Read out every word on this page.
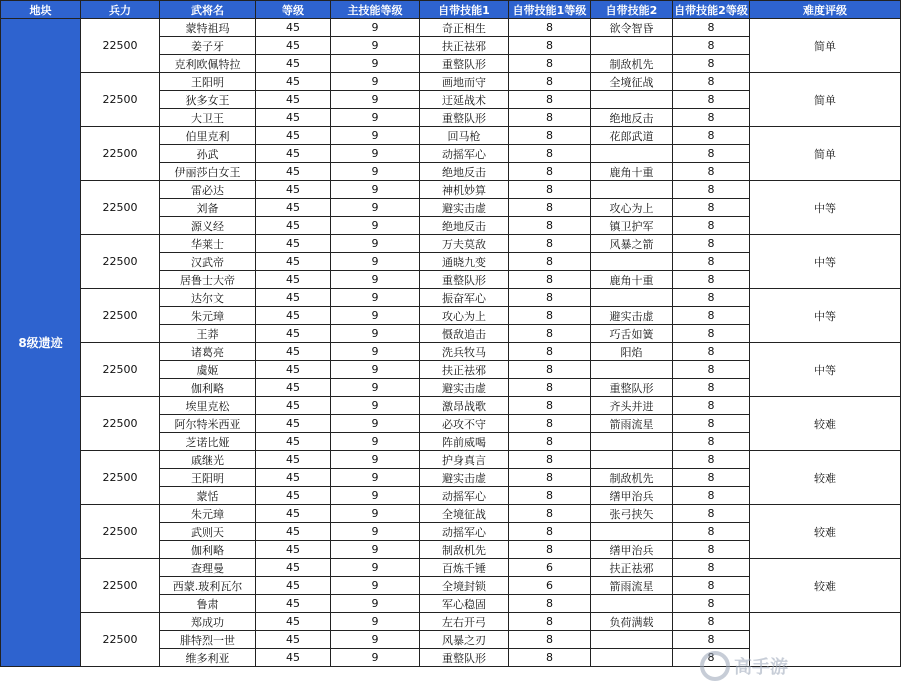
地块	兵力	武将名	等级	主技能等级	自带技能1	自带技能1等级	自带技能2	自带技能2等级	难度评级
8级遗迹	22500	蒙特祖玛	45	9	奇正相生	8	欲令智昏	8	简单
		姜子牙	45	9	扶正祛邪	8		8	
		克利欧佩特拉	45	9	重整队形	8	制敌机先	8	
	22500	王阳明	45	9	画地而守	8	全境征战	8	简单
		狄多女王	45	9	迂延战术	8		8	
		大卫王	45	9	重整队形	8	绝地反击	8	
	22500	伯里克利	45	9	回马枪	8	花郎武道	8	简单
		孙武	45	9	动摇军心	8		8	
		伊丽莎白女王	45	9	绝地反击	8	鹿角十重	8	
	22500	雷必达	45	9	神机妙算	8		8	中等
		刘备	45	9	避实击虚	8	攻心为上	8	
		源义经	45	9	绝地反击	8	镇卫护军	8	
	22500	华莱士	45	9	万夫莫敌	8	风暴之箭	8	中等
		汉武帝	45	9	通晓九变	8		8	
		居鲁士大帝	45	9	重整队形	8	鹿角十重	8	
	22500	达尔文	45	9	振奋军心	8		8	中等
		朱元璋	45	9	攻心为上	8	避实击虚	8	
		王莽	45	9	慑敌追击	8	巧舌如簧	8	
	22500	诸葛亮	45	9	洗兵牧马	8	阳焰	8	中等
		虞姬	45	9	扶正祛邪	8		8	
		伽利略	45	9	避实击虚	8	重整队形	8	
	22500	埃里克松	45	9	激昂战歌	8	齐头并进	8	较难
		阿尔特米西亚	45	9	必攻不守	8	箭雨流星	8	
		芝诺比娅	45	9	阵前威喝	8		8	
	22500	戚继光	45	9	护身真言	8		8	较难
		王阳明	45	9	避实击虚	8	制敌机先	8	
		蒙恬	45	9	动摇军心	8	缮甲治兵	8	
	22500	朱元璋	45	9	全境征战	8	张弓挟矢	8	较难
		武则天	45	9	动摇军心	8		8	
		伽利略	45	9	制敌机先	8	缮甲治兵	8	
	22500	查理曼	45	9	百炼千锤	6	扶正祛邪	8	较难
		西蒙.玻利瓦尔	45	9	全境封锁	6	箭雨流星	8	
		鲁肃	45	9	军心稳固	8		8	
	22500	郑成功	45	9	左右开弓	8	负荷满载	8	
		腓特烈一世	45	9	风暴之刃	8		8	
		维多利亚	45	9	重整队形	8		8	高手游
